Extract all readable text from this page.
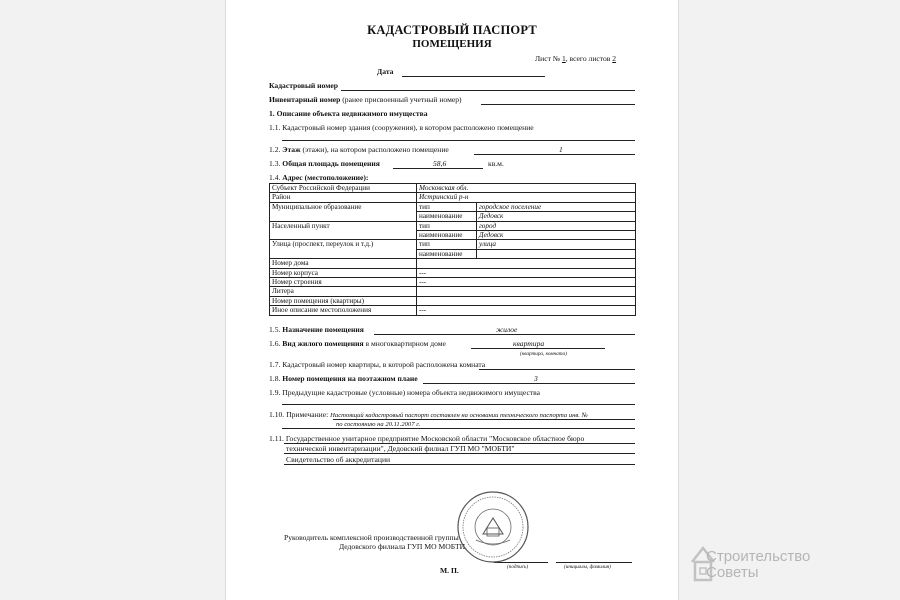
КАДАСТРОВЫЙ ПАСПОРТ
ПОМЕЩЕНИЯ
Лист № 1, всего листов 2
Дата
Кадастровый номер
Инвентарный номер (ранее присвоенный учетный номер)
1. Описание объекта недвижимого имущества
1.1. Кадастровый номер здания (сооружения), в котором расположено помещение
1.2. Этаж (этажи), на котором расположено помещение	1
1.3. Общая площадь помещения	58,6	кв.м.
1.4. Адрес (местоположение):
Субъект Российской Федерации	Московская обл.	
Район	Истринский р-н	
Муниципальное образование	тип	городское поселение
	наименование	Дедовск
Населенный пункт	тип	город
	наименование	Дедовск
Улица (проспект, переулок и т.д.)	тип	улица
	наименование	
Номер дома		
Номер корпуса	---	
Номер строения	---	
Литера		
Номер помещения (квартиры)		
Иное описание местоположения	---	
1.5. Назначение помещения	жилое
1.6. Вид жилого помещения в многоквартирном доме	квартира
(квартира, комната)
1.7. Кадастровый номер квартиры, в которой расположена комната
1.8. Номер помещения на поэтажном плане	3
1.9. Предыдущие кадастровые (условные) номера объекта недвижимого имущества
1.10. Примечание: Настоящий кадастровый паспорт составлен на основании технического паспорта инв. №
по состоянию на 20.11.2007 г.
1.11. Государственное унитарное предприятие Московской области "Московское областное бюро
технической инвентаризации", Дедовский филиал ГУП МО "МОБТИ"
Свидетельство об аккредитации
Руководитель комплексной производственной группы
Дедовского филиала ГУП МО МОБТИ
(подпись)	(инициалы, фамилия)
М. П.
Строительство
Советы
